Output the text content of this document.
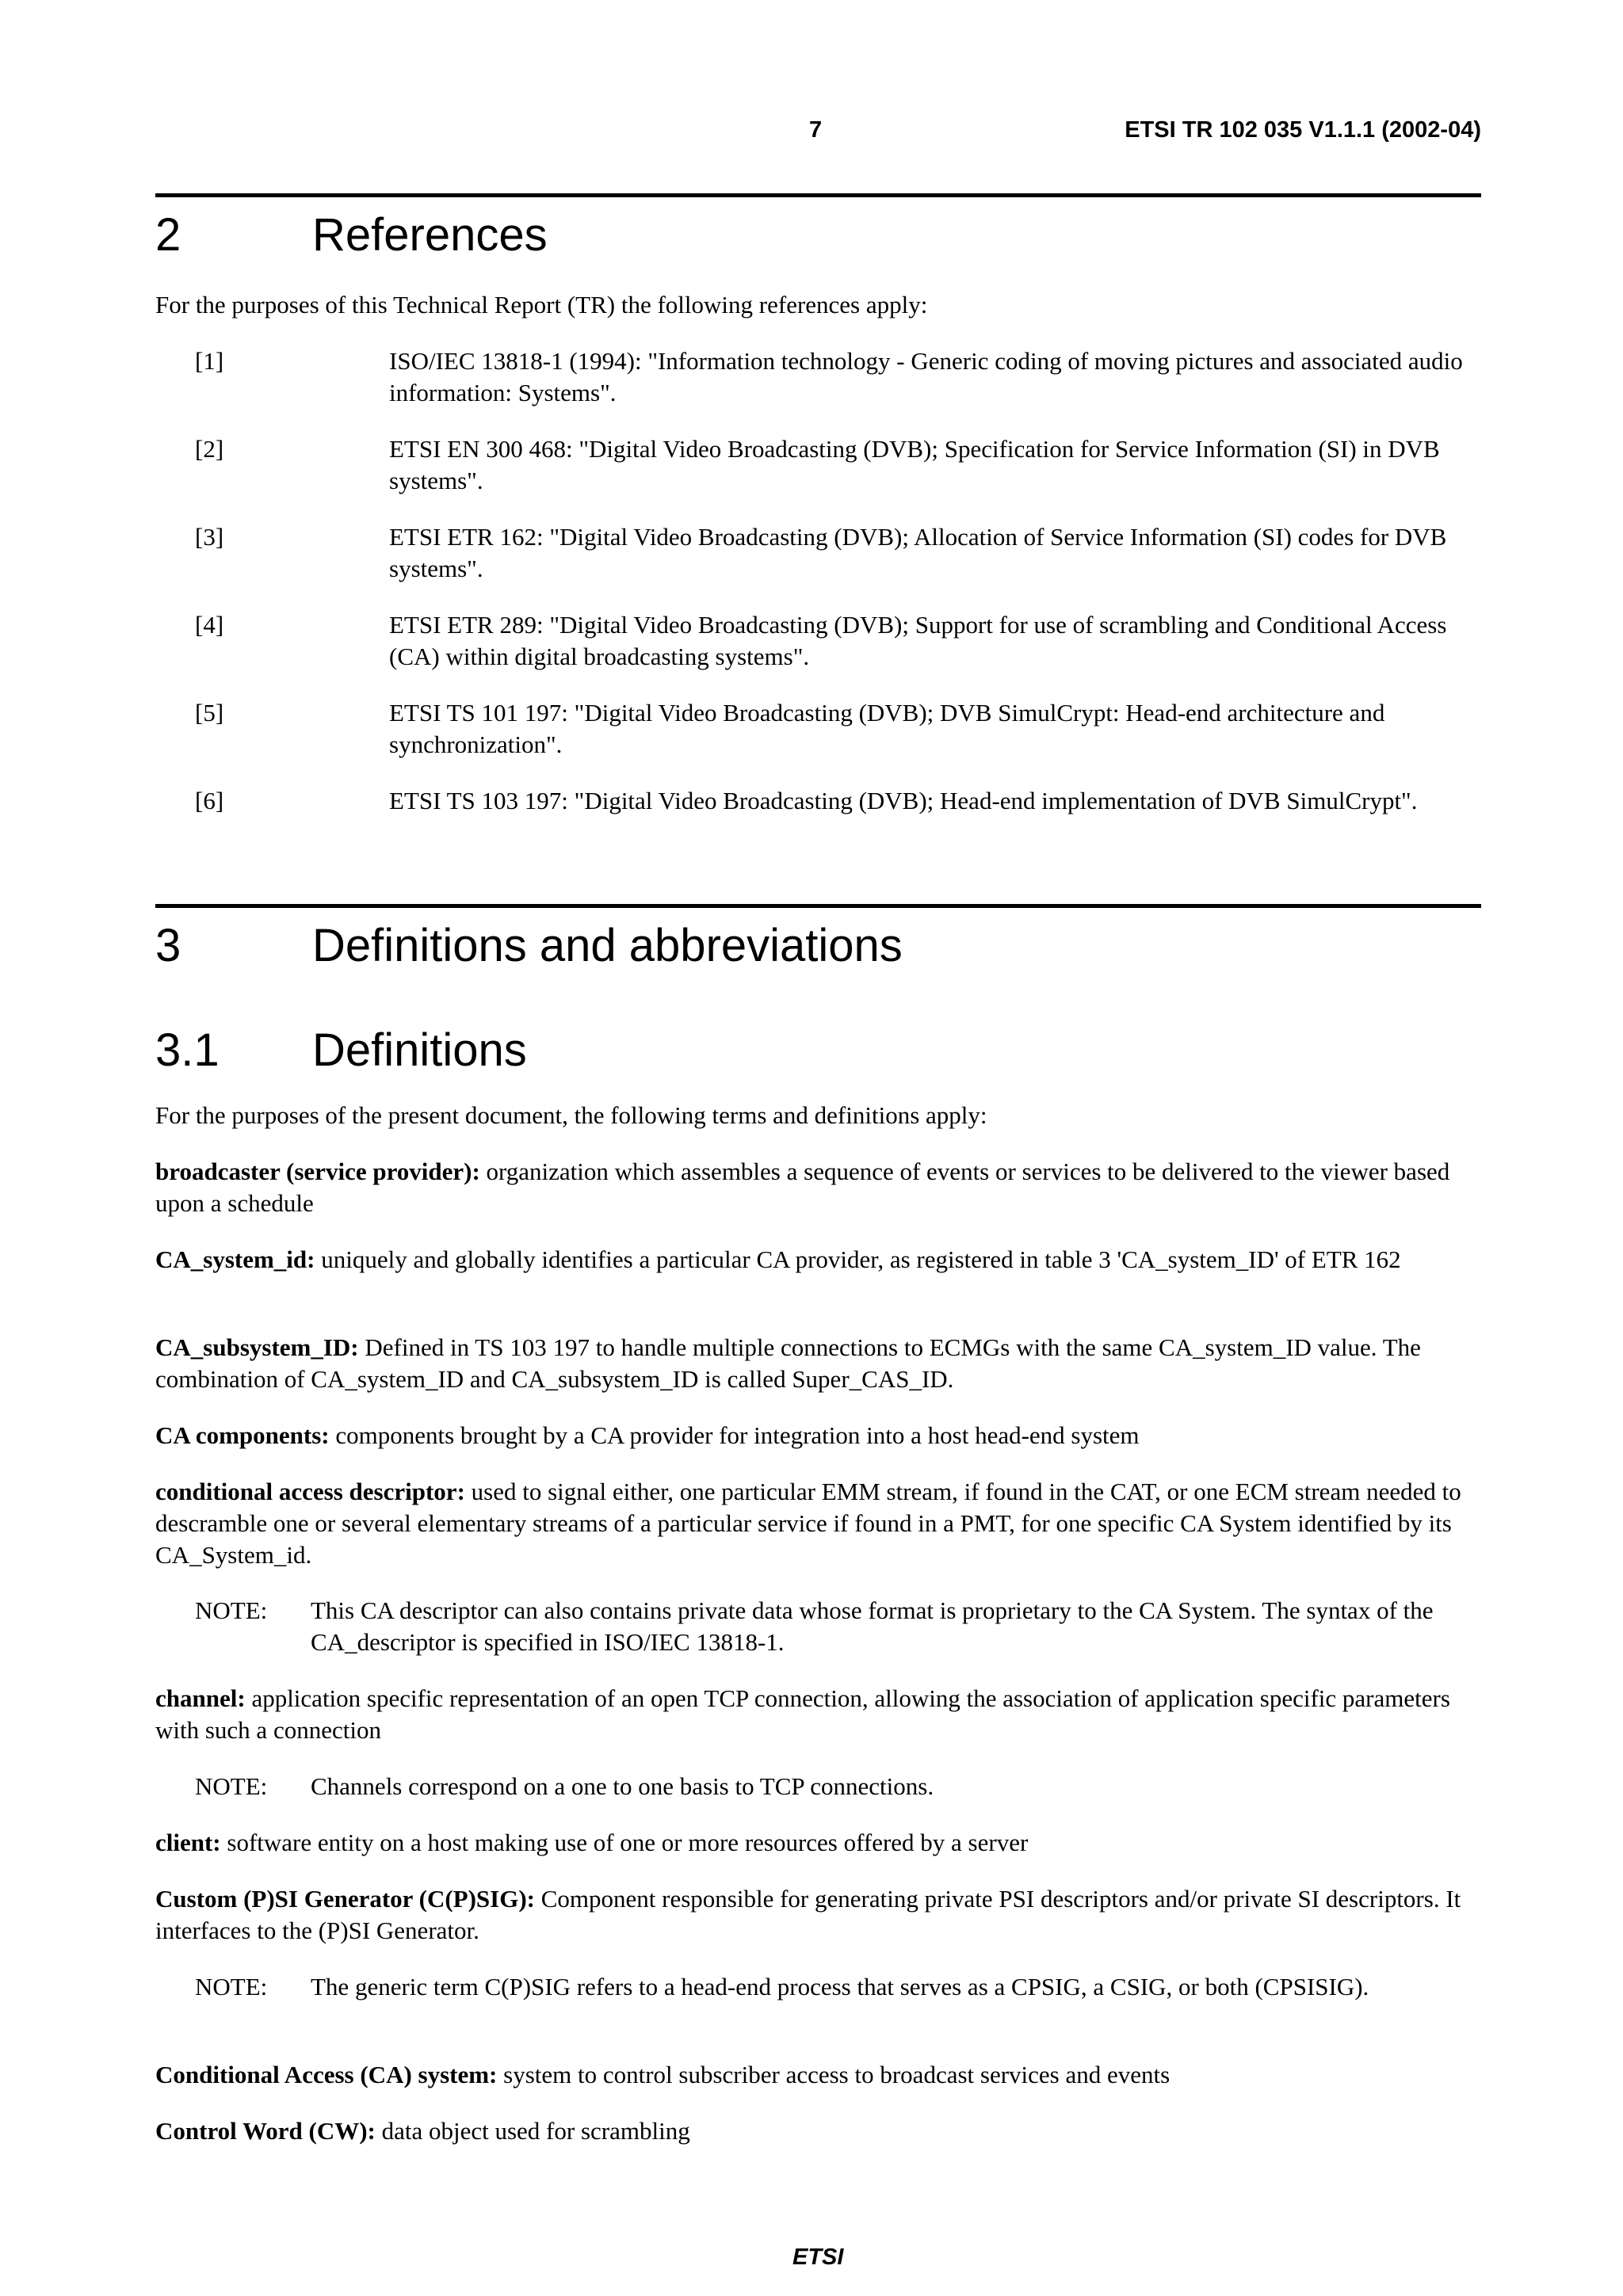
7	ETSI TR 102 035 V1.1.1 (2002-04)
2	References
For the purposes of this Technical Report (TR) the following references apply:
[1]	ISO/IEC 13818-1 (1994): "Information technology - Generic coding of moving pictures and associated audio information: Systems".
[2]	ETSI EN 300 468: "Digital Video Broadcasting (DVB); Specification for Service Information (SI) in DVB systems".
[3]	ETSI ETR 162: "Digital Video Broadcasting (DVB); Allocation of Service Information (SI) codes for DVB systems".
[4]	ETSI ETR 289: "Digital Video Broadcasting (DVB); Support for use of scrambling and Conditional Access (CA) within digital broadcasting systems".
[5]	ETSI TS 101 197: "Digital Video Broadcasting (DVB); DVB SimulCrypt: Head-end architecture and synchronization".
[6]	ETSI TS 103 197: "Digital Video Broadcasting (DVB); Head-end implementation of DVB SimulCrypt".
3	Definitions and abbreviations
3.1 Definitions
For the purposes of the present document, the following terms and definitions apply:
broadcaster (service provider): organization which assembles a sequence of events or services to be delivered to the viewer based upon a schedule
CA_system_id: uniquely and globally identifies a particular CA provider, as registered in table 3 'CA_system_ID' of ETR 162
CA_subsystem_ID: Defined in TS 103 197 to handle multiple connections to ECMGs with the same CA_system_ID value. The combination of CA_system_ID and CA_subsystem_ID is called Super_CAS_ID.
CA components: components brought by a CA provider for integration into a host head-end system
conditional access descriptor: used to signal either, one particular EMM stream, if found in the CAT, or one ECM stream needed to descramble one or several elementary streams of a particular service if found in a PMT, for one specific CA System identified by its CA_System_id.
NOTE: This CA descriptor can also contains private data whose format is proprietary to the CA System. The syntax of the CA_descriptor is specified in ISO/IEC 13818-1.
channel: application specific representation of an open TCP connection, allowing the association of application specific parameters with such a connection
NOTE: Channels correspond on a one to one basis to TCP connections.
client: software entity on a host making use of one or more resources offered by a server
Custom (P)SI Generator (C(P)SIG): Component responsible for generating private PSI descriptors and/or private SI descriptors. It interfaces to the (P)SI Generator.
NOTE: The generic term C(P)SIG refers to a head-end process that serves as a CPSIG, a CSIG, or both (CPSISIG).
Conditional Access (CA) system: system to control subscriber access to broadcast services and events
Control Word (CW): data object used for scrambling
ETSI
